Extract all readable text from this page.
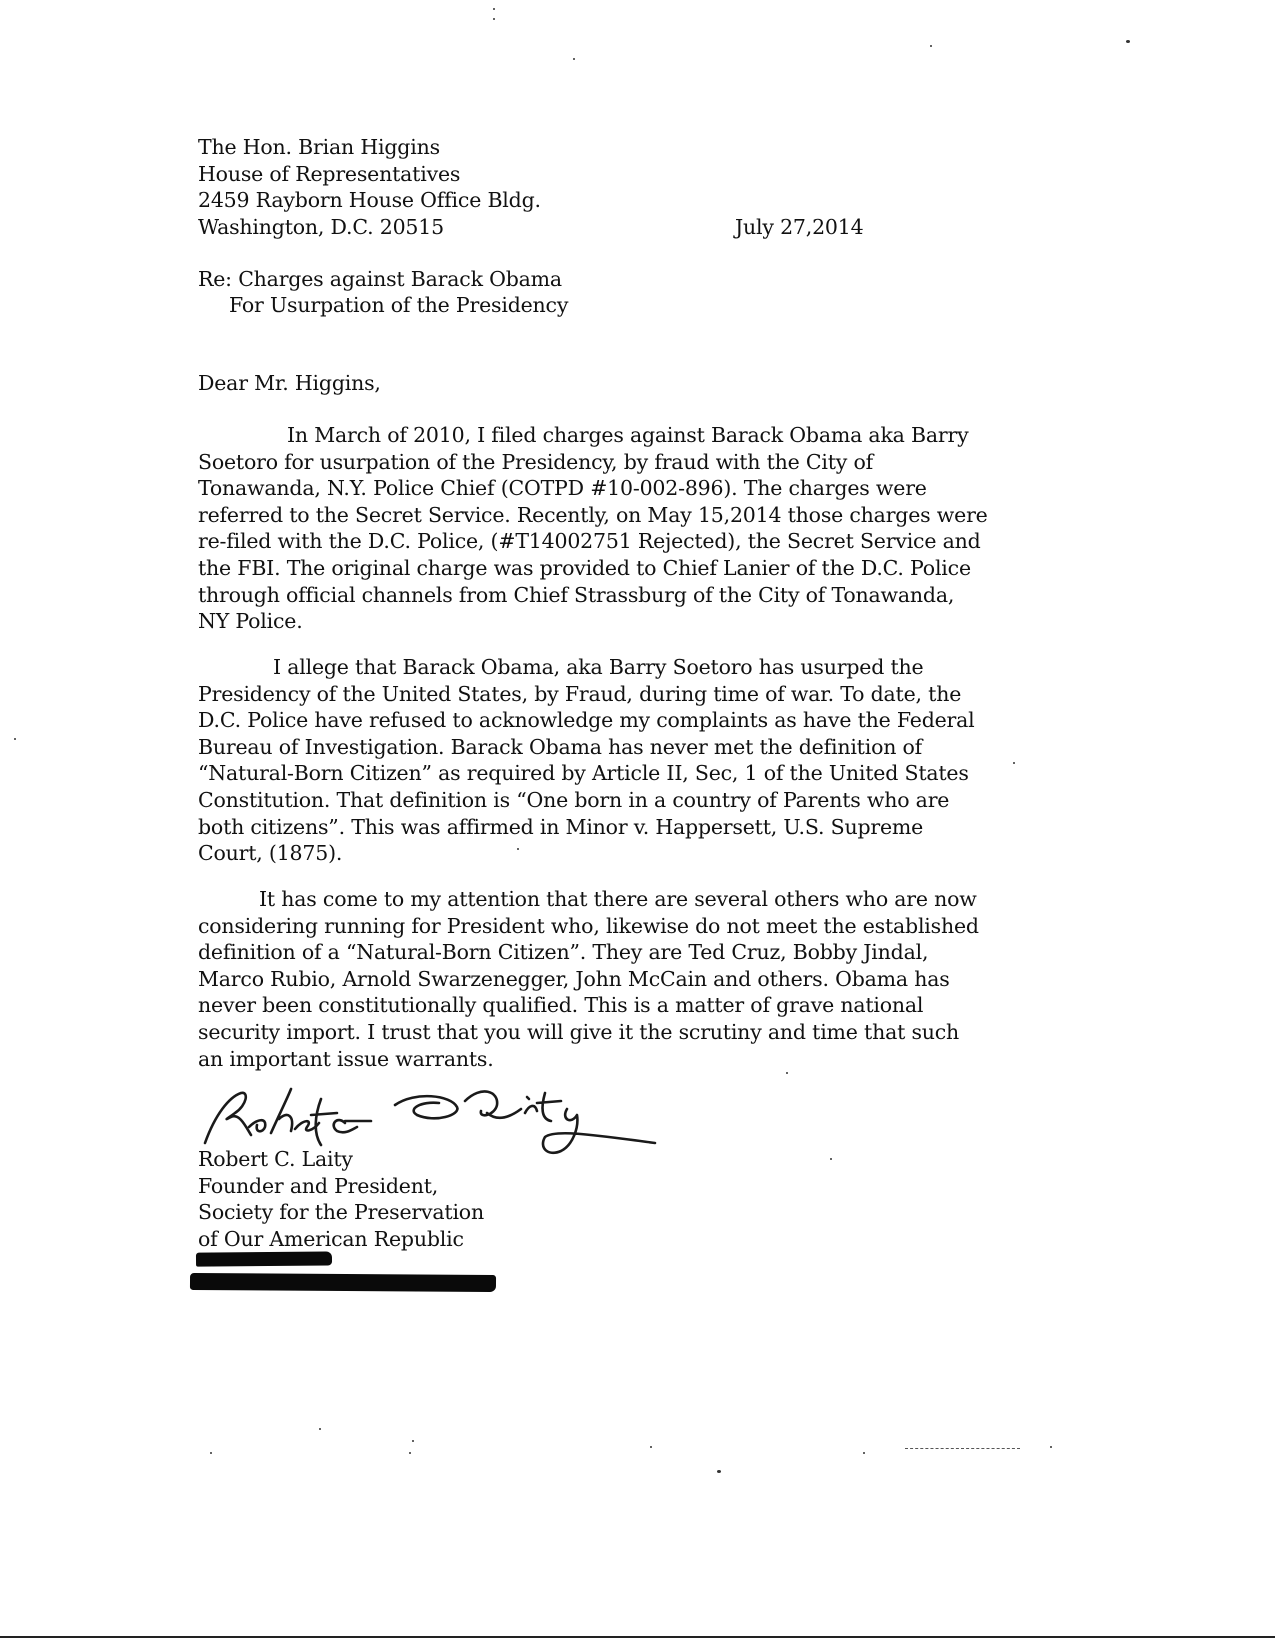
The Hon. Brian Higgins
House of Representatives
2459 Rayborn House Office Bldg.
Washington, D.C. 20515	July 27,2014
Re: Charges against Barack Obama
For Usurpation of the Presidency
Dear Mr. Higgins,
In March of 2010, I filed charges against Barack Obama aka Barry
Soetoro for usurpation of the Presidency, by fraud with the City of
Tonawanda, N.Y. Police Chief (COTPD #10-002-896). The charges were
referred to the Secret Service. Recently, on May 15,2014 those charges were
re-filed with the D.C. Police, (#T14002751 Rejected), the Secret Service and
the FBI. The original charge was provided to Chief Lanier of the D.C. Police
through official channels from Chief Strassburg of the City of Tonawanda,
NY Police.
I allege that Barack Obama, aka Barry Soetoro has usurped the
Presidency of the United States, by Fraud, during time of war. To date, the
D.C. Police have refused to acknowledge my complaints as have the Federal
Bureau of Investigation. Barack Obama has never met the definition of
“Natural-Born Citizen” as required by Article II, Sec, 1 of the United States
Constitution. That definition is “One born in a country of Parents who are
both citizens”. This was affirmed in Minor v. Happersett, U.S. Supreme
Court, (1875).
It has come to my attention that there are several others who are now
considering running for President who, likewise do not meet the established
definition of a “Natural-Born Citizen”. They are Ted Cruz, Bobby Jindal,
Marco Rubio, Arnold Swarzenegger, John McCain and others. Obama has
never been constitutionally qualified. This is a matter of grave national
security import. I trust that you will give it the scrutiny and time that such
an important issue warrants.
Robert C. Laity
Founder and President,
Society for the Preservation
of Our American Republic
